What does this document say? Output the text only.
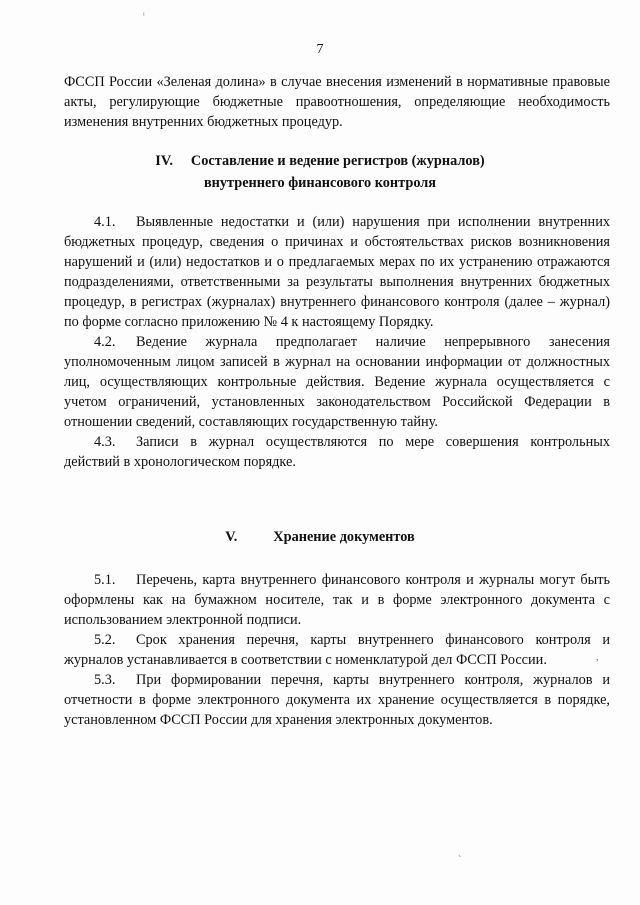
ᶦ
7

ФССП России «Зеленая долина» в случае внесения изменений в нормативные правовые акты, регулирующие бюджетные правоотношения, определяющие необходимость изменения внутренних бюджетных процедур.

IV. Составление и ведение регистров (журналов)
внутреннего финансового контроля

4.1. Выявленные недостатки и (или) нарушения при исполнении внутренних бюджетных процедур, сведения о причинах и обстоятельствах рисков возникновения нарушений и (или) недостатков и о предлагаемых мерах по их устранению отражаются подразделениями, ответственными за результаты выполнения внутренних бюджетных процедур, в регистрах (журналах) внутреннего финансового контроля (далее – журнал) по форме согласно приложению № 4 к настоящему Порядку.

4.2. Ведение журнала предполагает наличие непрерывного занесения уполномоченным лицом записей в журнал на основании информации от должностных лиц, осуществляющих контрольные действия. Ведение журнала осуществляется с учетом ограничений, установленных законодательством Российской Федерации в отношении сведений, составляющих государственную тайну.

4.3. Записи в журнал осуществляются по мере совершения контрольных действий в хронологическом порядке.

V.	Хранение документов

5.1. Перечень, карта внутреннего финансового контроля и журналы могут быть оформлены как на бумажном носителе, так и в форме электронного документа с использованием электронной подписи.

5.2. Срок хранения перечня, карты внутреннего финансового контроля и журналов устанавливается в соответствии с номенклатурой дел ФССП России.

5.3. При формировании перечня, карты внутреннего контроля, журналов и отчетности в форме электронного документа их хранение осуществляется в порядке, установленном ФССП России для хранения электронных документов.

,
ˋ
